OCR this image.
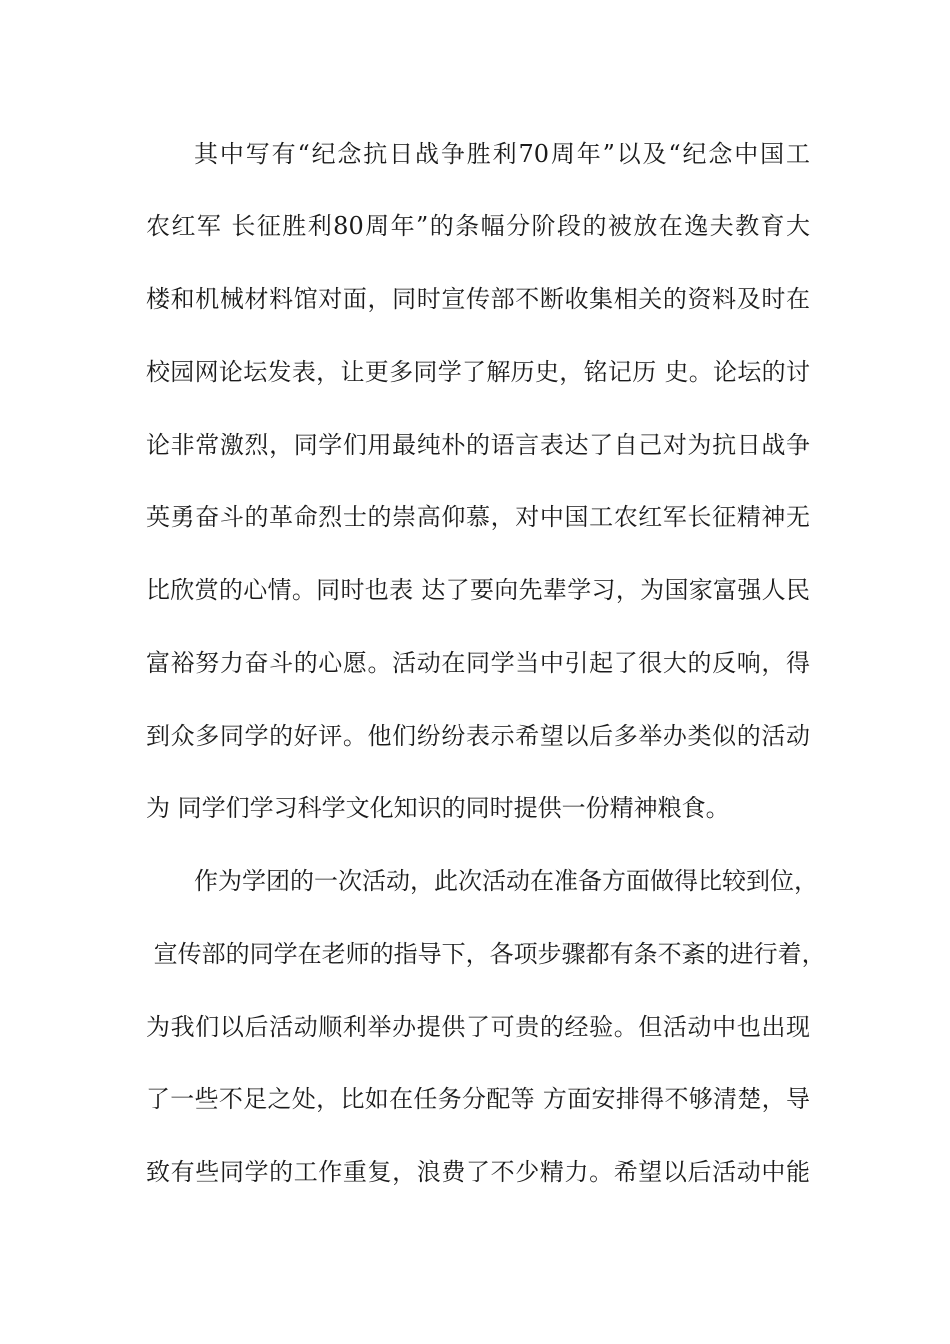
其中写有“纪念抗日战争胜利70周年”以及“纪念中国工

农红军 长征胜利80周年”的条幅分阶段的被放在逸夫教育大

楼和机械材料馆对面，同时宣传部不断收集相关的资料及时在

校园网论坛发表，让更多同学了解历史，铭记历 史。论坛的讨

论非常激烈，同学们用最纯朴的语言表达了自己对为抗日战争

英勇奋斗的革命烈士的崇高仰慕，对中国工农红军长征精神无

比欣赏的心情。同时也表 达了要向先辈学习，为国家富强人民

富裕努力奋斗的心愿。活动在同学当中引起了很大的反响，得

到众多同学的好评。他们纷纷表示希望以后多举办类似的活动

为 同学们学习科学文化知识的同时提供一份精神粮食。

作为学团的一次活动，此次活动在准备方面做得比较到位，

宣传部的同学在老师的指导下，各项步骤都有条不紊的进行着，

为我们以后活动顺利举办提供了可贵的经验。但活动中也出现

了一些不足之处，比如在任务分配等 方面安排得不够清楚，导

致有些同学的工作重复，浪费了不少精力。希望以后活动中能
